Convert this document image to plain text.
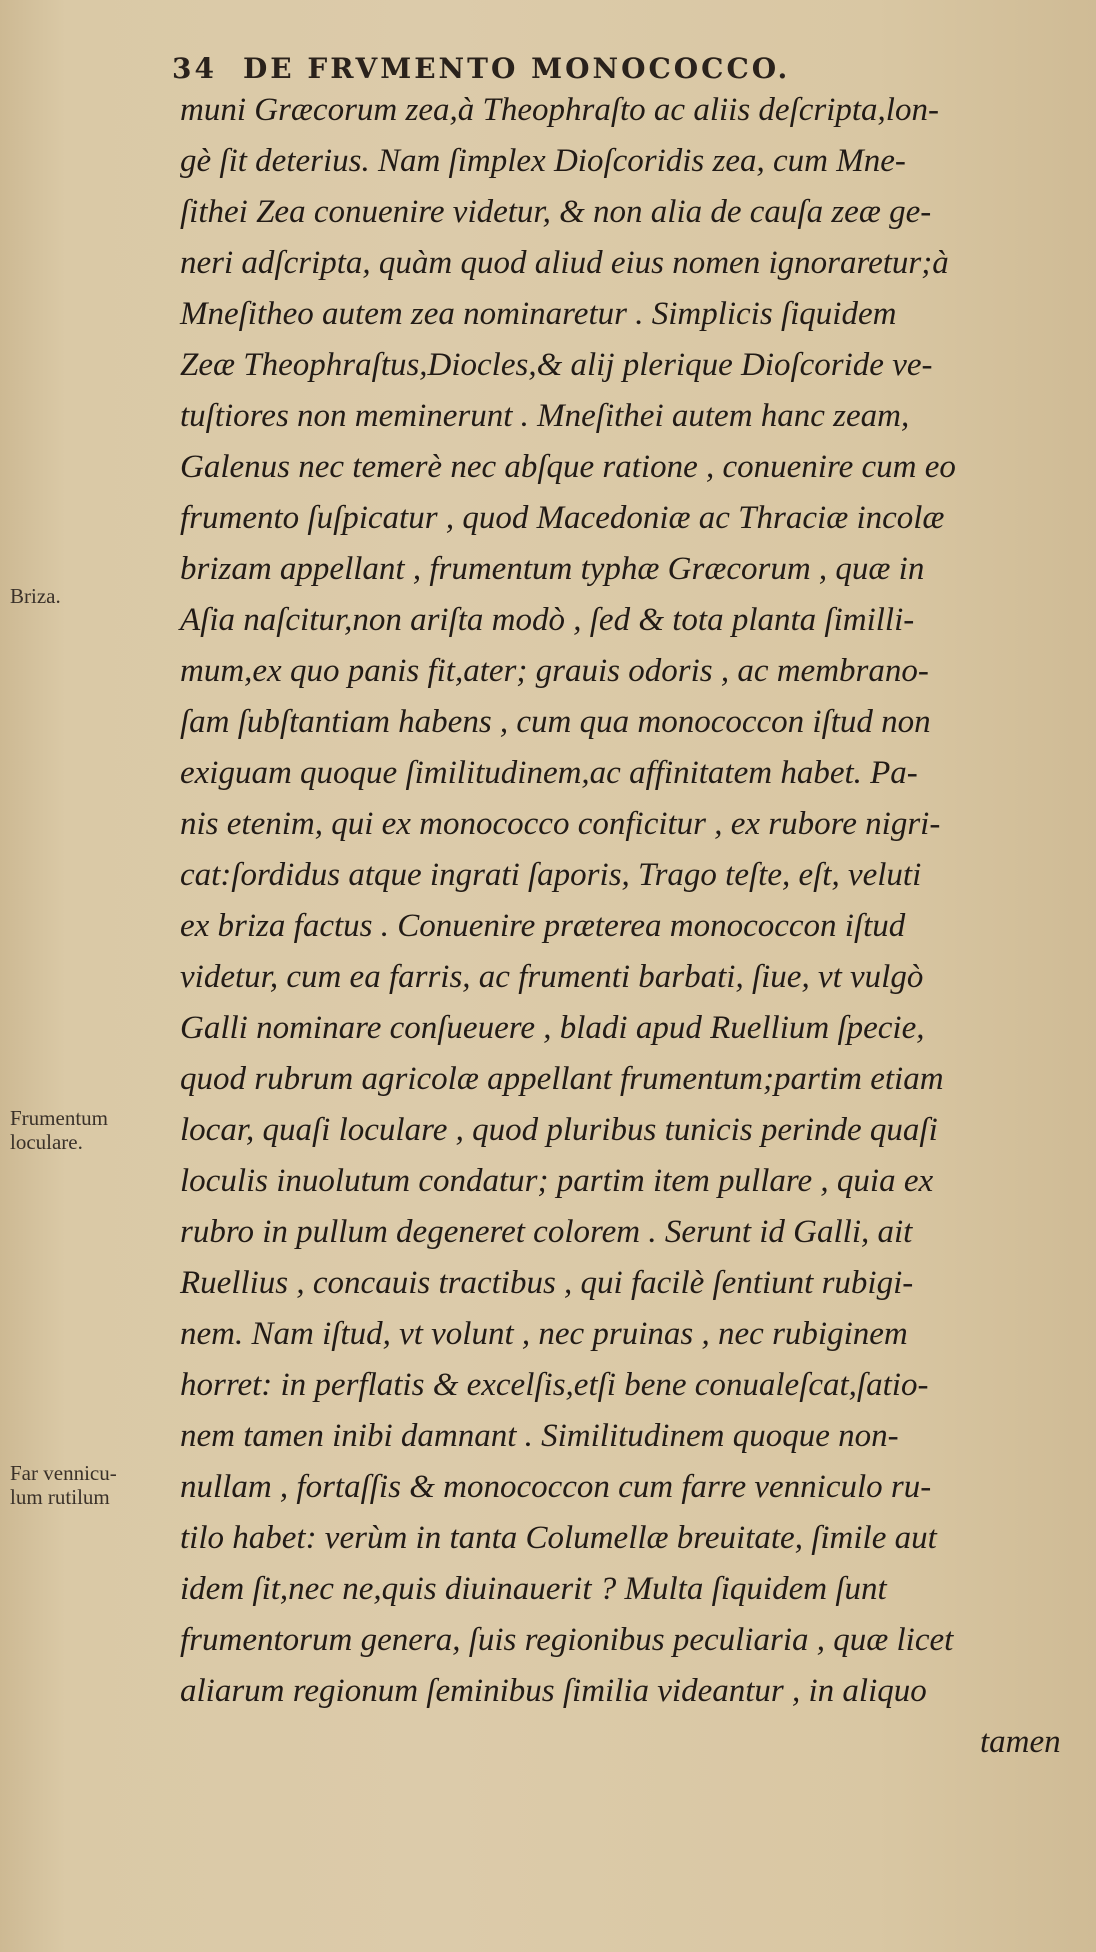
34 DE FRVMENTO MONOCOCCO.
muni Græcorum zea,à Theophraſto ac aliis deſcripta,lon-
gè ſit deterius. Nam ſimplex Dioſcoridis zea, cum Mne-
ſithei Zea conuenire videtur, & non alia de cauſa zeæ ge-
neri adſcripta, quàm quod aliud eius nomen ignoraretur;à
Mneſitheo autem zea nominaretur . Simplicis ſiquidem
Zeæ Theophraſtus,Diocles,& alij plerique Dioſcoride ve-
tuſtiores non meminerunt . Mneſithei autem hanc zeam,
Galenus nec temerè nec abſque ratione , conuenire cum eo
frumento ſuſpicatur , quod Macedoniæ ac Thraciæ incolæ
brizam appellant , frumentum typhæ Græcorum , quæ in
Aſia naſcitur,non ariſta modò , ſed & tota planta ſimilli-
mum,ex quo panis fit,ater; grauis odoris , ac membrano-
ſam ſubſtantiam habens , cum qua monococcon iſtud non
exiguam quoque ſimilitudinem,ac affinitatem habet. Pa-
nis etenim, qui ex monococco conficitur , ex rubore nigri-
cat:ſordidus atque ingrati ſaporis, Trago teſte, eſt, veluti
ex briza factus . Conuenire præterea monococcon iſtud
videtur, cum ea farris, ac frumenti barbati, ſiue, vt vulgò
Galli nominare conſueuere , bladi apud Ruellium ſpecie,
quod rubrum agricolæ appellant frumentum;partim etiam
locar, quaſi loculare , quod pluribus tunicis perinde quaſi
loculis inuolutum condatur; partim item pullare , quia ex
rubro in pullum degeneret colorem . Serunt id Galli, ait
Ruellius , concauis tractibus , qui facilè ſentiunt rubigi-
nem. Nam iſtud, vt volunt , nec pruinas , nec rubiginem
horret: in perflatis & excelſis,etſi bene conualeſcat,ſatio-
nem tamen inibi damnant . Similitudinem quoque non-
nullam , fortaſſis & monococcon cum farre venniculo ru-
tilo habet: verùm in tanta Columellæ breuitate, ſimile aut
idem ſit,nec ne,quis diuinauerit ? Multa ſiquidem ſunt
frumentorum genera, ſuis regionibus peculiaria , quæ licet
aliarum regionum ſeminibus ſimilia videantur , in aliquo
tamen
Briza.
Frumentum
loculare.
Far vennicu-
lum rutilum
